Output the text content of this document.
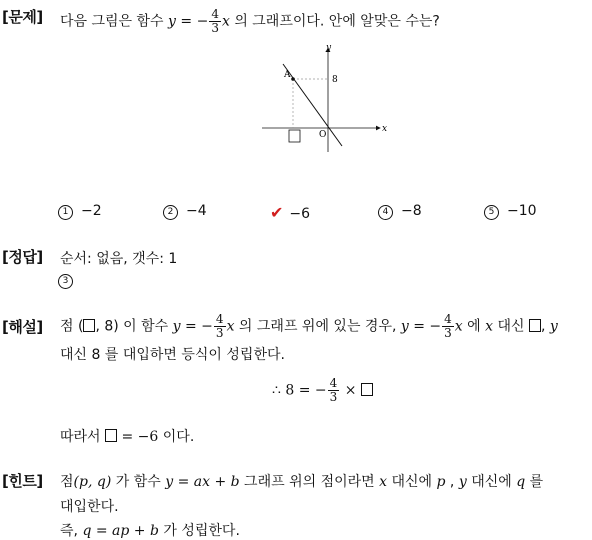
[문제] 다음 그림은 함수 y = − $\frac{4}{3}$ x 의 그래프이다. 안에 알맞은 수는?
A	8
y
x
O
1 −2	2 −4	✔ −6	4 −8	5 −10
[정답] 순서: 없음, 갯수: 1
3
[해설] 점 ( , 8) 이 함수 y = − $\frac{4}{3}$ x 의 그래프 위에 있는 경우, y = − $\frac{4}{3}$ x 에 x 대신 , y
대신 8 를 대입하면 등식이 성립한다.
∴ 8 = − $\frac{4}{3}$ ×
따라서  = −6 이다.
[힌트] 점(p, q) 가 함수 y = ax + b 그래프 위의 점이라면 x 대신에 p , y 대신에 q 를
대입한다.
즉, q = ap + b 가 성립한다.
